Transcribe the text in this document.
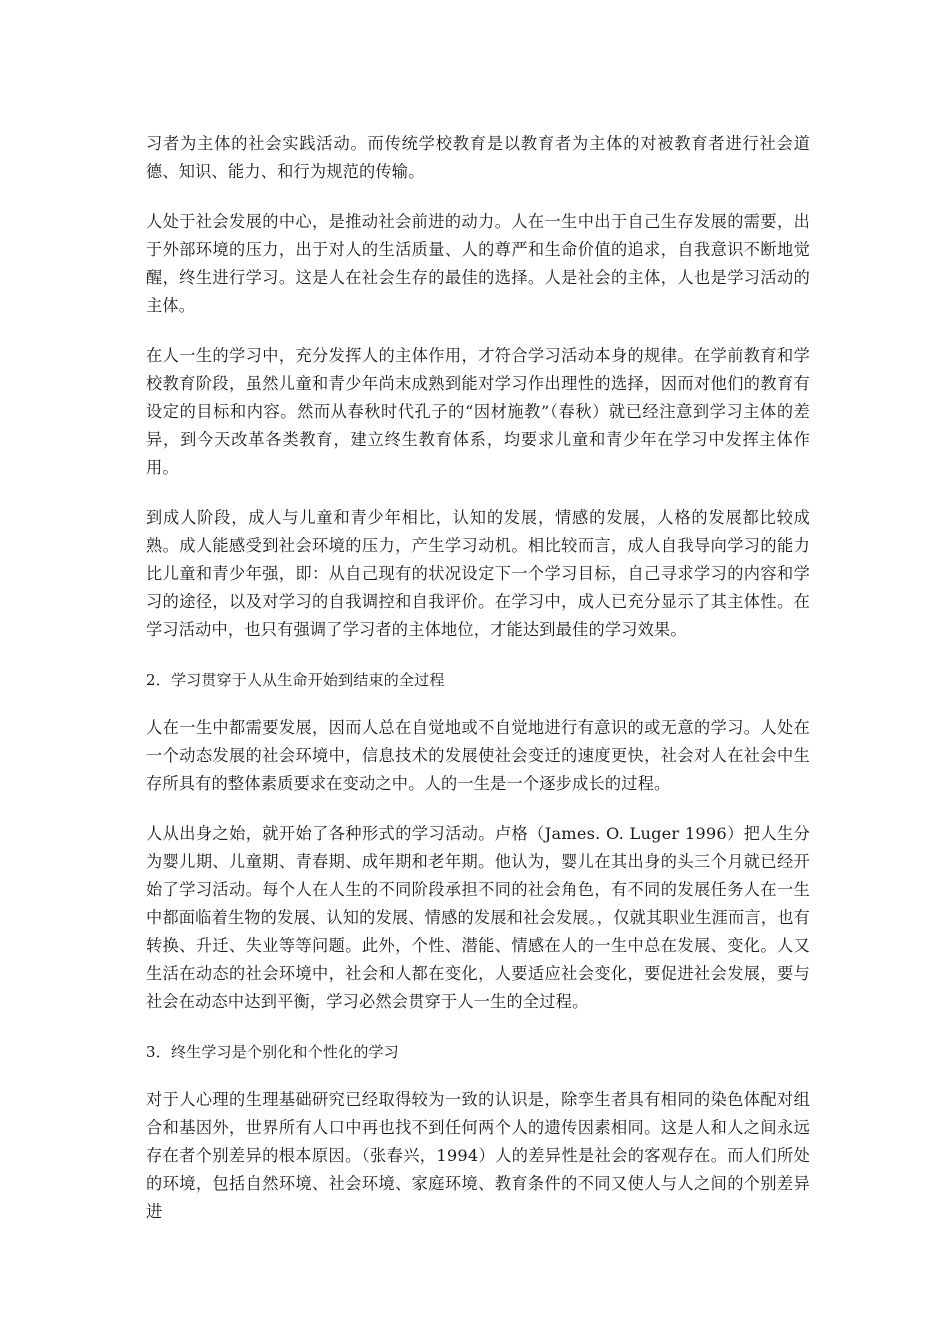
习者为主体的社会实践活动。而传统学校教育是以教育者为主体的对被教育者进行社会道德、知识、能力、和行为规范的传输。

人处于社会发展的中心，是推动社会前进的动力。人在一生中出于自己生存发展的需要，出于外部环境的压力，出于对人的生活质量、人的尊严和生命价值的追求，自我意识不断地觉醒，终生进行学习。这是人在社会生存的最佳的选择。人是社会的主体，人也是学习活动的主体。

在人一生的学习中，充分发挥人的主体作用，才符合学习活动本身的规律。在学前教育和学校教育阶段，虽然儿童和青少年尚末成熟到能对学习作出理性的选择，因而对他们的教育有设定的目标和内容。然而从春秋时代孔子的“因材施教”（春秋）就已经注意到学习主体的差异，到今天改革各类教育，建立终生教育体系，均要求儿童和青少年在学习中发挥主体作用。

到成人阶段，成人与儿童和青少年相比，认知的发展，情感的发展，人格的发展都比较成熟。成人能感受到社会环境的压力，产生学习动机。相比较而言，成人自我导向学习的能力比儿童和青少年强，即：从自己现有的状况设定下一个学习目标，自己寻求学习的内容和学习的途径，以及对学习的自我调控和自我评价。在学习中，成人已充分显示了其主体性。在学习活动中，也只有强调了学习者的主体地位，才能达到最佳的学习效果。

2．学习贯穿于人从生命开始到结束的全过程

人在一生中都需要发展，因而人总在自觉地或不自觉地进行有意识的或无意的学习。人处在一个动态发展的社会环境中，信息技术的发展使社会变迁的速度更快，社会对人在社会中生存所具有的整体素质要求在变动之中。人的一生是一个逐步成长的过程。

人从出身之始，就开始了各种形式的学习活动。卢格（James. O. Luger 1996）把人生分为婴儿期、儿童期、青春期、成年期和老年期。他认为，婴儿在其出身的头三个月就已经开始了学习活动。每个人在人生的不同阶段承担不同的社会角色，有不同的发展任务人在一生中都面临着生物的发展、认知的发展、情感的发展和社会发展。，仅就其职业生涯而言，也有转换、升迁、失业等等问题。此外，个性、潜能、情感在人的一生中总在发展、变化。人又生活在动态的社会环境中，社会和人都在变化，人要适应社会变化，要促进社会发展，要与社会在动态中达到平衡，学习必然会贯穿于人一生的全过程。

3．终生学习是个别化和个性化的学习

对于人心理的生理基础研究已经取得较为一致的认识是，除孪生者具有相同的染色体配对组合和基因外，世界所有人口中再也找不到任何两个人的遗传因素相同。这是人和人之间永远存在者个别差异的根本原因。（张春兴，1994）人的差异性是社会的客观存在。而人们所处的环境，包括自然环境、社会环境、家庭环境、教育条件的不同又使人与人之间的个别差异进
